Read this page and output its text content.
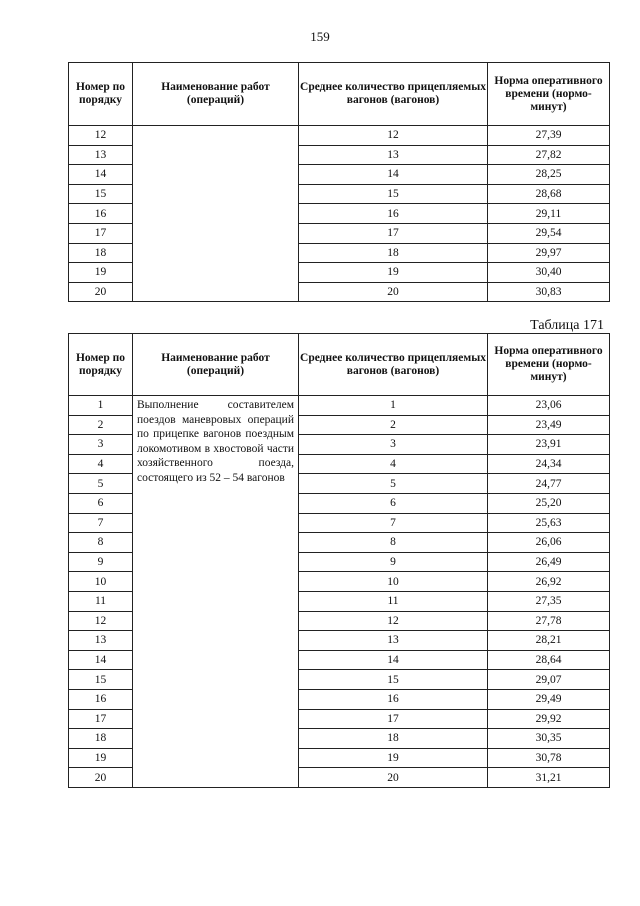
159
Номер по порядку	Наименование работ (операций)	Среднее количество прицепляемых вагонов (вагонов)	Норма оперативного времени (нормо-минут)
12		12	27,39
13		13	27,82
14		14	28,25
15		15	28,68
16		16	29,11
17		17	29,54
18		18	29,97
19		19	30,40
20		20	30,83
Таблица 171
Номер по порядку	Наименование работ (операций)	Среднее количество прицепляемых вагонов (вагонов)	Норма оперативного времени (нормо-минут)
1	Выполнение составителем поездов маневровых операций по прицепке вагонов поездным локомотивом в хвостовой части хозяйственного поезда, состоящего из 52 – 54 вагонов	1	23,06
2		2	23,49
3		3	23,91
4		4	24,34
5		5	24,77
6		6	25,20
7		7	25,63
8		8	26,06
9		9	26,49
10		10	26,92
11		11	27,35
12		12	27,78
13		13	28,21
14		14	28,64
15		15	29,07
16		16	29,49
17		17	29,92
18		18	30,35
19		19	30,78
20		20	31,21
